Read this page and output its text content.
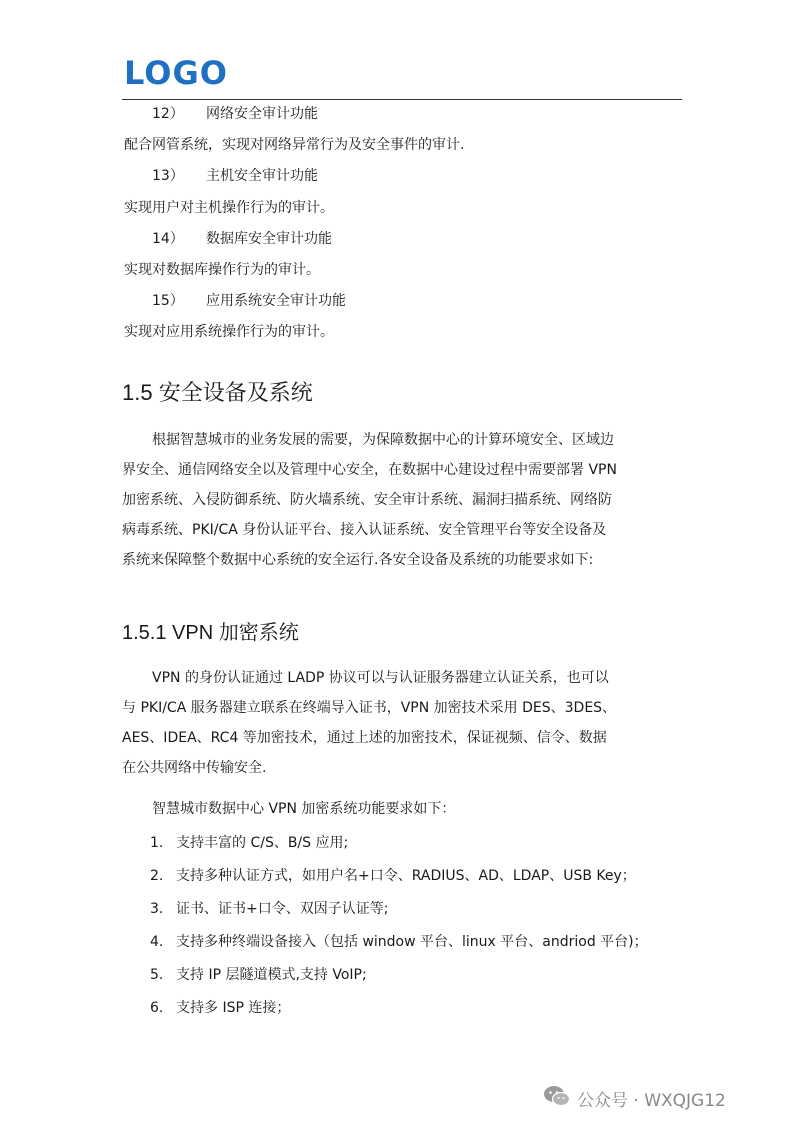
LOGO
12） 网络安全审计功能
配合网管系统，实现对网络异常行为及安全事件的审计.
13） 主机安全审计功能
实现用户对主机操作行为的审计。
14） 数据库安全审计功能
实现对数据库操作行为的审计。
15） 应用系统安全审计功能
实现对应用系统操作行为的审计。
1.5 安全设备及系统
根据智慧城市的业务发展的需要，为保障数据中心的计算环境安全、区域边
界安全、通信网络安全以及管理中心安全，在数据中心建设过程中需要部署 VPN
加密系统、入侵防御系统、防火墙系统、安全审计系统、漏洞扫描系统、网络防
病毒系统、PKI/CA 身份认证平台、接入认证系统、安全管理平台等安全设备及
系统来保障整个数据中心系统的安全运行.各安全设备及系统的功能要求如下:
1.5.1 VPN 加密系统
VPN 的身份认证通过 LADP 协议可以与认证服务器建立认证关系，也可以
与 PKI/CA 服务器建立联系在终端导入证书，VPN 加密技术采用 DES、3DES、
AES、IDEA、RC4 等加密技术，通过上述的加密技术，保证视频、信令、数据
在公共网络中传输安全.
智慧城市数据中心 VPN 加密系统功能要求如下：
1. 支持丰富的 C/S、B/S 应用;
2. 支持多种认证方式，如用户名+口令、RADIUS、AD、LDAP、USB Key；
3. 证书、证书+口令、双因子认证等;
4. 支持多种终端设备接入（包括 window 平台、linux 平台、andriod 平台)；
5. 支持 IP 层隧道模式,支持 VoIP;
6. 支持多 ISP 连接；
公众号 · WXQJG12
